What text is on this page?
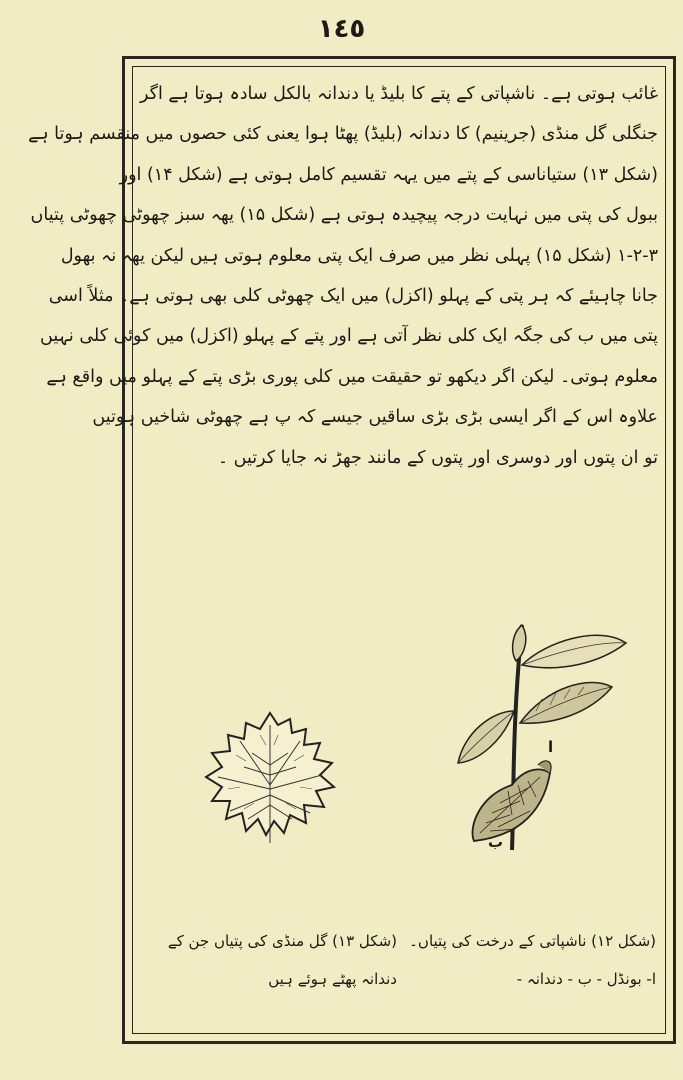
١٤٥
غائب ہوتی ہے۔ ناشپاتی کے پتے کا بلیڈ یا دندانہ بالکل سادہ ہوتا ہے اگر
جنگلی گل منڈی (جرینیم) کا دندانہ (بلیڈ) پھٹا ہوا یعنی کئی حصوں میں منقسم ہوتا ہے
(شکل ۱۳) ستیاناسی کے پتے میں یہہ تقسیم کامل ہوتی ہے (شکل ۱۴) اور
ببول کی پتی میں نہایت درجہ پیچیدہ ہوتی ہے (شکل ۱۵) یھہ سبز چھوٹی چھوٹی پتیاں
۱-۲-۳ (شکل ۱۵) پہلی نظر میں صرف ایک پتی معلوم ہوتی ہیں لیکن یھہ نہ بھول
جانا چاہیئے کہ ہر پتی کے پہلو (اکزل) میں ایک چھوٹی کلی بھی ہوتی ہے۔ مثلاً اسی
پتی میں ب کی جگہ ایک کلی نظر آتی ہے اور پتے کے پہلو (اکزل) میں کوئی کلی نہیں
معلوم ہوتی۔ لیکن اگر دیکھو تو حقیقت میں کلی پوری بڑی پتے کے پہلو میں واقع ہے
علاوہ اس کے اگر ایسی بڑی بڑی ساقیں جیسے کہ پ ہے چھوٹی شاخیں ہوتیں
تو ان پتوں اور دوسری اور پتوں کے مانند جھڑ نہ جایا کرتیں ۔
ا
ب
(شکل ۱۲) ناشپاتی کے درخت کی پتیاں۔
ا- بونڈل - ب - دندانہ -
(شکل ۱۳) گل منڈی کی پتیاں جن کے
دندانہ پھٹے ہوئے ہیں
